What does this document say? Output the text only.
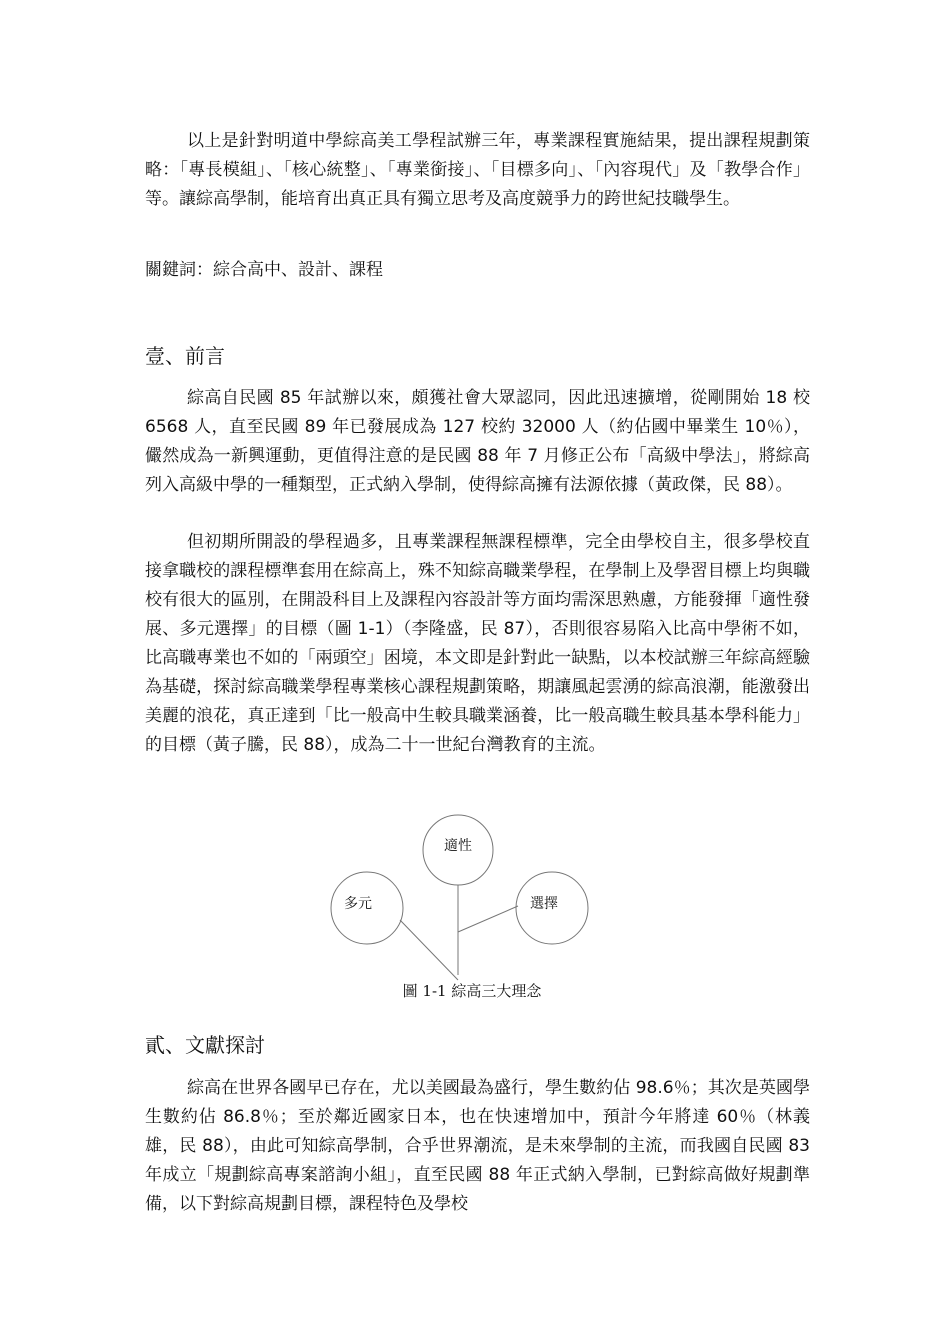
以上是針對明道中學綜高美工學程試辦三年，專業課程實施結果，提出課程規劃策略：「專長模組」、「核心統整」、「專業銜接」、「目標多向」、「內容現代」及「教學合作」等。讓綜高學制，能培育出真正具有獨立思考及高度競爭力的跨世紀技職學生。

關鍵詞：綜合高中、設計、課程

壹、前言

綜高自民國 85 年試辦以來，頗獲社會大眾認同，因此迅速擴增，從剛開始 18 校 6568 人，直至民國 89 年已發展成為 127 校約 32000 人（約佔國中畢業生 10％），儼然成為一新興運動，更值得注意的是民國 88 年 7 月修正公布「高級中學法」，將綜高列入高級中學的一種類型，正式納入學制，使得綜高擁有法源依據（黃政傑，民 88）。

但初期所開設的學程過多，且專業課程無課程標準，完全由學校自主，很多學校直接拿職校的課程標準套用在綜高上，殊不知綜高職業學程，在學制上及學習目標上均與職校有很大的區別，在開設科目上及課程內容設計等方面均需深思熟慮，方能發揮「適性發展、多元選擇」的目標（圖 1-1）（李隆盛，民 87），否則很容易陷入比高中學術不如，比高職專業也不如的「兩頭空」困境，本文即是針對此一缺點，以本校試辦三年綜高經驗為基礎，探討綜高職業學程專業核心課程規劃策略，期讓風起雲湧的綜高浪潮，能激發出美麗的浪花，真正達到「比一般高中生較具職業涵養，比一般高職生較具基本學科能力」的目標（黃子騰，民 88），成為二十一世紀台灣教育的主流。

適性
多元	選擇
圖 1-1 綜高三大理念
貳、文獻探討

綜高在世界各國早已存在，尤以美國最為盛行，學生數約佔 98.6％；其次是英國學生數約佔 86.8％；至於鄰近國家日本，也在快速增加中，預計今年將達 60％（林義雄，民 88），由此可知綜高學制，合乎世界潮流，是未來學制的主流，而我國自民國 83 年成立「規劃綜高專案諮詢小組」，直至民國 88 年正式納入學制，已對綜高做好規劃準備，以下對綜高規劃目標，課程特色及學校
